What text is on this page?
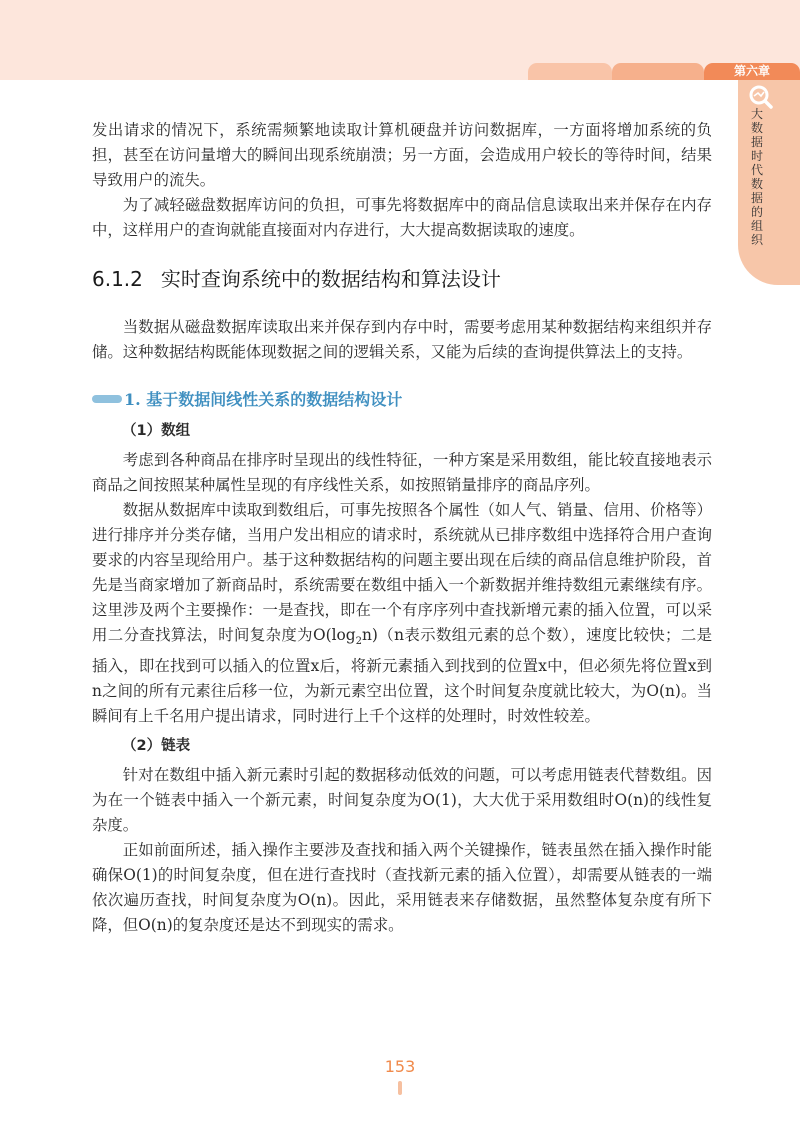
第六章
大数据时代数据的组织

发出请求的情况下，系统需频繁地读取计算机硬盘并访问数据库，一方面将增加系统的负担，甚至在访问量增大的瞬间出现系统崩溃；另一方面，会造成用户较长的等待时间，结果导致用户的流失。

为了减轻磁盘数据库访问的负担，可事先将数据库中的商品信息读取出来并保存在内存中，这样用户的查询就能直接面对内存进行，大大提高数据读取的速度。

6.1.2 实时查询系统中的数据结构和算法设计

当数据从磁盘数据库读取出来并保存到内存中时，需要考虑用某种数据结构来组织并存储。这种数据结构既能体现数据之间的逻辑关系，又能为后续的查询提供算法上的支持。

1. 基于数据间线性关系的数据结构设计
（1）数组

考虑到各种商品在排序时呈现出的线性特征，一种方案是采用数组，能比较直接地表示商品之间按照某种属性呈现的有序线性关系，如按照销量排序的商品序列。

数据从数据库中读取到数组后，可事先按照各个属性（如人气、销量、信用、价格等）进行排序并分类存储，当用户发出相应的请求时，系统就从已排序数组中选择符合用户查询要求的内容呈现给用户。基于这种数据结构的问题主要出现在后续的商品信息维护阶段，首先是当商家增加了新商品时，系统需要在数组中插入一个新数据并维持数组元素继续有序。这里涉及两个主要操作：一是查找，即在一个有序序列中查找新增元素的插入位置，可以采用二分查找算法，时间复杂度为$O(\log_2n)(n$表示数组元素的总个数），速度比较快；二是插入，即在找到可以插入的位置x后，将新元素插入到找到的位置x中，但必须先将位置x到n之间的所有元素往后移一位，为新元素空出位置，这个时间复杂度就比较大，为O(n)。当瞬间有上千名用户提出请求，同时进行上千个这样的处理时，时效性较差。

（2）链表

针对在数组中插入新元素时引起的数据移动低效的问题，可以考虑用链表代替数组。因为在一个链表中插入一个新元素，时间复杂度为O(1)，大大优于采用数组时O(n)的线性复杂度。

正如前面所述，插入操作主要涉及查找和插入两个关键操作，链表虽然在插入操作时能确保O(1)的时间复杂度，但在进行查找时（查找新元素的插入位置），却需要从链表的一端依次遍历查找，时间复杂度为O(n)。因此，采用链表来存储数据，虽然整体复杂度有所下降，但O(n)的复杂度还是达不到现实的需求。

153
